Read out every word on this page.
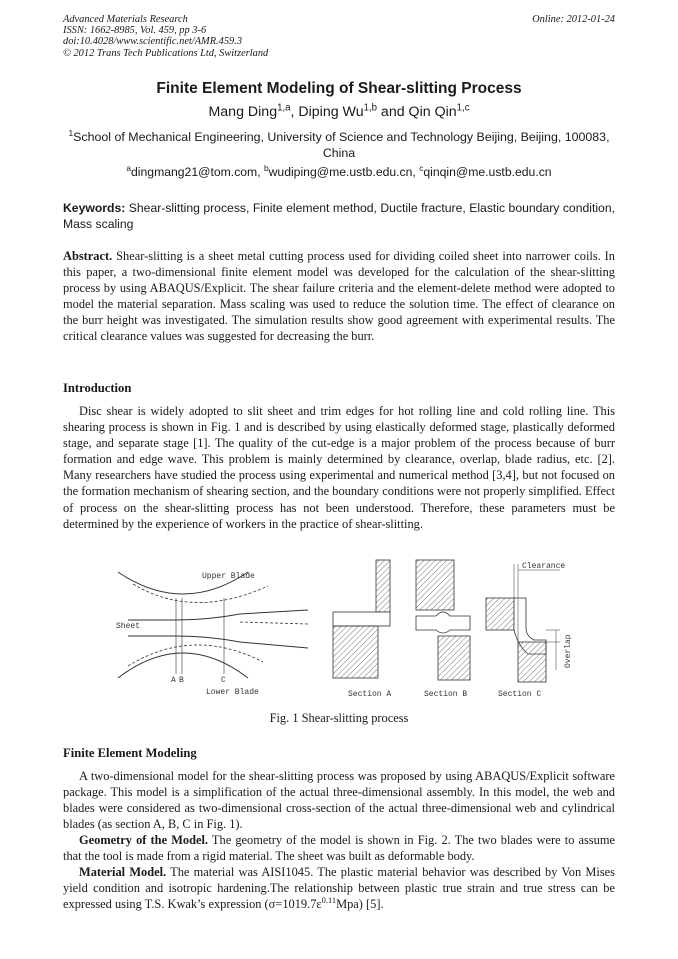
Advanced Materials Research
ISSN: 1662-8985, Vol. 459, pp 3-6
doi:10.4028/www.scientific.net/AMR.459.3
© 2012 Trans Tech Publications Ltd, Switzerland
Online: 2012-01-24
Finite Element Modeling of Shear-slitting Process
Mang Ding$^{1,a}$, Diping Wu$^{1,b}$ and Qin Qin$^{1,c}$
$^1$School of Mechanical Engineering, University of Science and Technology Beijing, Beijing, 100083, China
$^a$dingmang21@tom.com, $^b$wudiping@me.ustb.edu.cn, $^c$qinqin@me.ustb.edu.cn
Keywords: Shear-slitting process, Finite element method, Ductile fracture, Elastic boundary condition, Mass scaling
Abstract. Shear-slitting is a sheet metal cutting process used for dividing coiled sheet into narrower coils. In this paper, a two-dimensional finite element model was developed for the calculation of the shear-slitting process by using ABAQUS/Explicit. The shear failure criteria and the element-delete method were adopted to model the material separation. Mass scaling was used to reduce the solution time. The effect of clearance on the burr height was investigated. The simulation results show good agreement with experimental results. The critical clearance values was suggested for decreasing the burr.
Introduction
Disc shear is widely adopted to slit sheet and trim edges for hot rolling line and cold rolling line. This shearing process is shown in Fig. 1 and is described by using elastically deformed stage, plastically deformed stage, and separate stage [1]. The quality of the cut-edge is a major problem of the process because of burr formation and edge wave. This problem is mainly determined by clearance, overlap, blade radius, etc. [2]. Many researchers have studied the process using experimental and numerical method [3,4], but not focused on the formation mechanism of shearing section, and the boundary conditions were not properly simplified. Effect of process on the shear-slitting process has not been understood. Therefore, these parameters must be determined by the experience of workers in the practice of shear-slitting.
Upper Blade
Sheet
A B	C
Lower Blade	Section A	Section B
Clearance
Overlap
Section C
Fig. 1 Shear-slitting process
Finite Element Modeling
A two-dimensional model for the shear-slitting process was proposed by using ABAQUS/Explicit software package. This model is a simplification of the actual three-dimensional assembly. In this model, the web and blades were considered as two-dimensional cross-section of the actual three-dimensional web and cylindrical blades (as section A, B, C in Fig. 1).
Geometry of the Model. The geometry of the model is shown in Fig. 2. The two blades were to assume that the tool is made from a rigid material. The sheet was built as deformable body.
Material Model. The material was AISI1045. The plastic material behavior was described by Von Mises yield condition and isotropic hardening.The relationship between plastic true strain and true stress can be expressed using T.S. Kwak’s expression $(\sigma=1019.7\varepsilon^{0.11}Mpa)$ [5].
